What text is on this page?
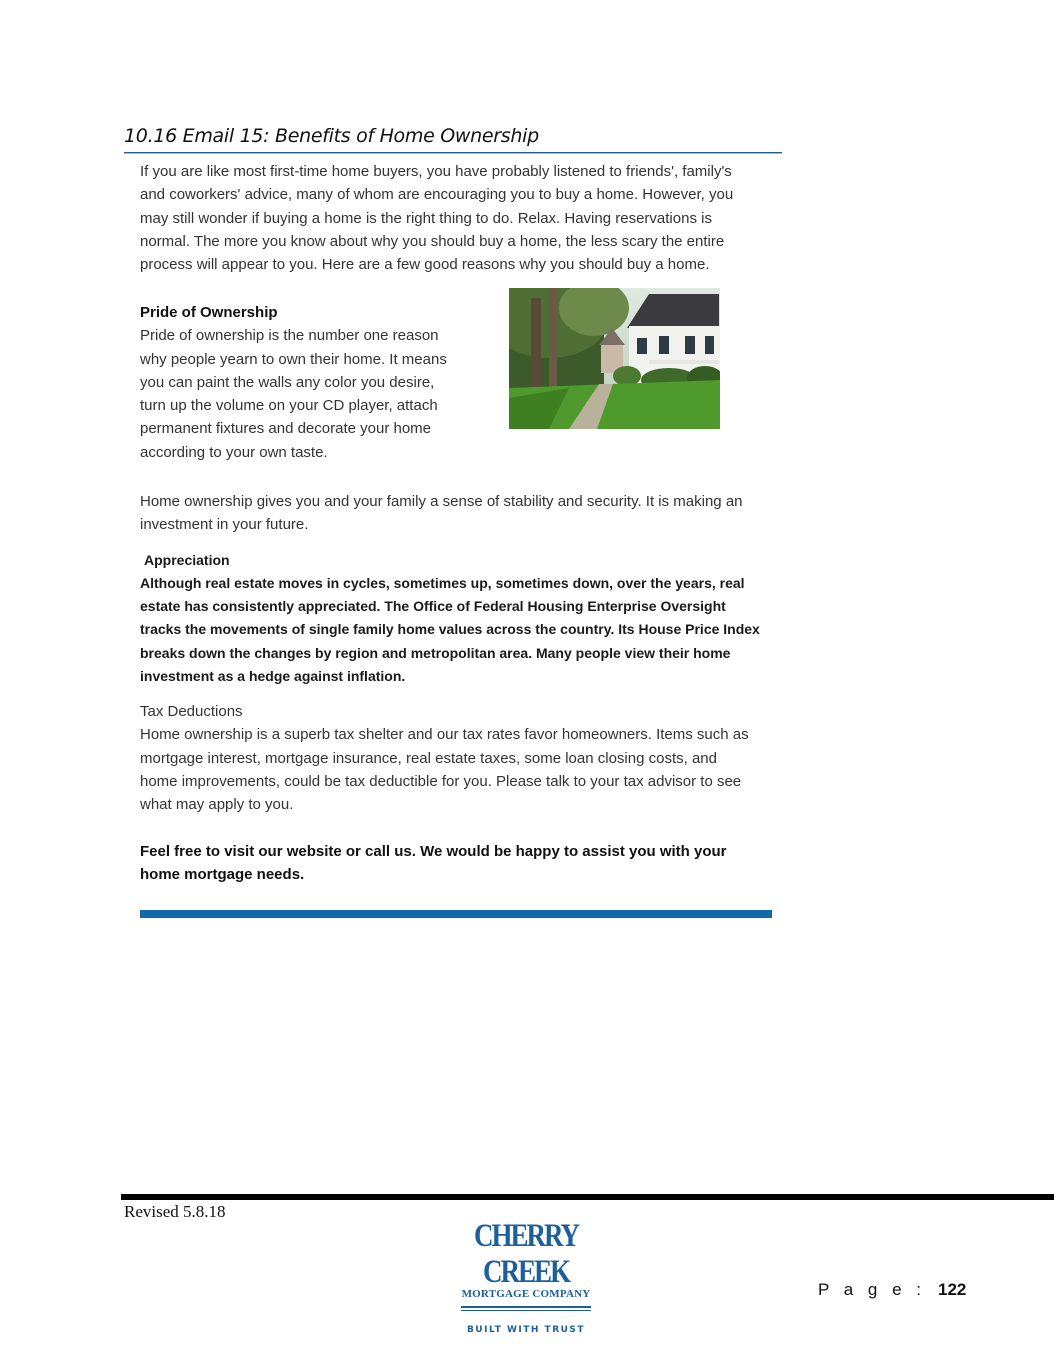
10.16 Email 15: Benefits of Home Ownership
If you are like most first-time home buyers, you have probably listened to friends', family's
and coworkers' advice, many of whom are encouraging you to buy a home. However, you
may still wonder if buying a home is the right thing to do. Relax. Having reservations is
normal. The more you know about why you should buy a home, the less scary the entire
process will appear to you. Here are a few good reasons why you should buy a home.
Pride of Ownership
Pride of ownership is the number one reason
why people yearn to own their home. It means
you can paint the walls any color you desire,
turn up the volume on your CD player, attach
permanent fixtures and decorate your home
according to your own taste.
Home ownership gives you and your family a sense of stability and security. It is making an
investment in your future.
Appreciation
Although real estate moves in cycles, sometimes up, sometimes down, over the years, real
estate has consistently appreciated. The Office of Federal Housing Enterprise Oversight
tracks the movements of single family home values across the country. Its House Price Index
breaks down the changes by region and metropolitan area. Many people view their home
investment as a hedge against inflation.
Tax Deductions
Home ownership is a superb tax shelter and our tax rates favor homeowners. Items such as
mortgage interest, mortgage insurance, real estate taxes, some loan closing costs, and
home improvements, could be tax deductible for you. Please talk to your tax advisor to see
what may apply to you.
Feel free to visit our website or call us. We would be happy to assist you with your
home mortgage needs.
Revised 5.8.18
CHERRY CREEK
MORTGAGE COMPANY
BUILT WITH TRUST
P a g e : 122
